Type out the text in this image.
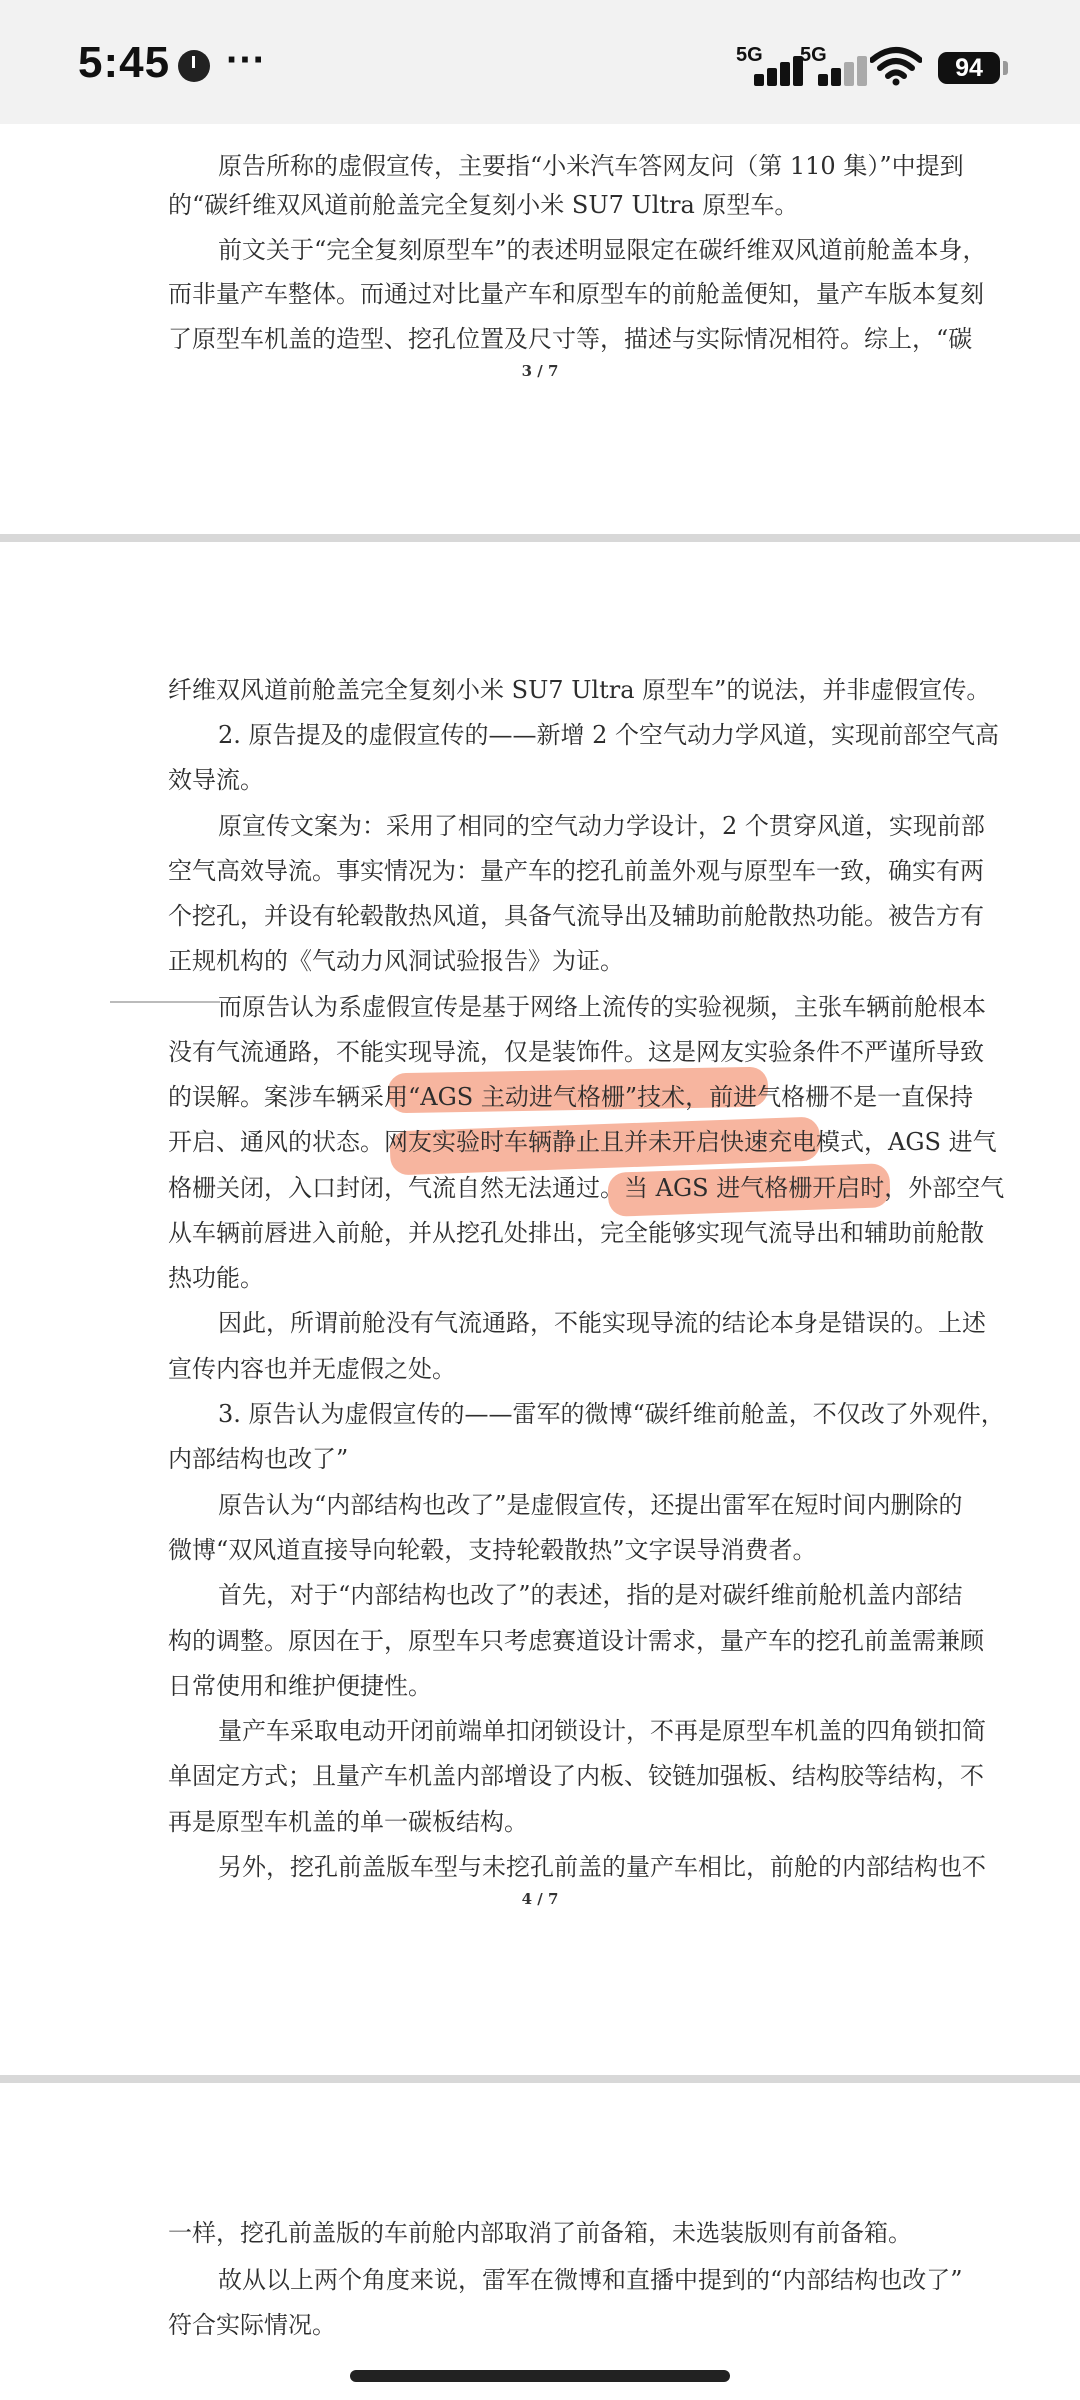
5:45 ···	5G 5G	94
原告所称的虚假宣传，主要指“小米汽车答网友问（第 110 集）”中提到
的“碳纤维双风道前舱盖完全复刻小米 SU7 Ultra 原型车。
前文关于“完全复刻原型车”的表述明显限定在碳纤维双风道前舱盖本身，
而非量产车整体。而通过对比量产车和原型车的前舱盖便知，量产车版本复刻
了原型车机盖的造型、挖孔位置及尺寸等，描述与实际情况相符。综上，“碳
3 / 7
纤维双风道前舱盖完全复刻小米 SU7 Ultra 原型车”的说法，并非虚假宣传。
2. 原告提及的虚假宣传的——新增 2 个空气动力学风道，实现前部空气高
效导流。
原宣传文案为：采用了相同的空气动力学设计，2 个贯穿风道，实现前部
空气高效导流。事实情况为：量产车的挖孔前盖外观与原型车一致，确实有两
个挖孔，并设有轮毂散热风道，具备气流导出及辅助前舱散热功能。被告方有
正规机构的《气动力风洞试验报告》为证。
而原告认为系虚假宣传是基于网络上流传的实验视频，主张车辆前舱根本
没有气流通路，不能实现导流，仅是装饰件。这是网友实验条件不严谨所导致
的误解。案涉车辆采用“AGS 主动进气格栅”技术，前进气格栅不是一直保持
开启、通风的状态。网友实验时车辆静止且并未开启快速充电模式，AGS 进气
格栅关闭，入口封闭，气流自然无法通过。当 AGS 进气格栅开启时，外部空气
从车辆前唇进入前舱，并从挖孔处排出，完全能够实现气流导出和辅助前舱散
热功能。
因此，所谓前舱没有气流通路，不能实现导流的结论本身是错误的。上述
宣传内容也并无虚假之处。
3. 原告认为虚假宣传的——雷军的微博“碳纤维前舱盖，不仅改了外观件，
内部结构也改了”
原告认为“内部结构也改了”是虚假宣传，还提出雷军在短时间内删除的
微博“双风道直接导向轮毂，支持轮毂散热”文字误导消费者。
首先，对于“内部结构也改了”的表述，指的是对碳纤维前舱机盖内部结
构的调整。原因在于，原型车只考虑赛道设计需求，量产车的挖孔前盖需兼顾
日常使用和维护便捷性。
量产车采取电动开闭前端单扣闭锁设计，不再是原型车机盖的四角锁扣简
单固定方式；且量产车机盖内部增设了内板、铰链加强板、结构胶等结构，不
再是原型车机盖的单一碳板结构。
另外，挖孔前盖版车型与未挖孔前盖的量产车相比，前舱的内部结构也不
4 / 7
一样，挖孔前盖版的车前舱内部取消了前备箱，未选装版则有前备箱。
故从以上两个角度来说，雷军在微博和直播中提到的“内部结构也改了”
符合实际情况。
